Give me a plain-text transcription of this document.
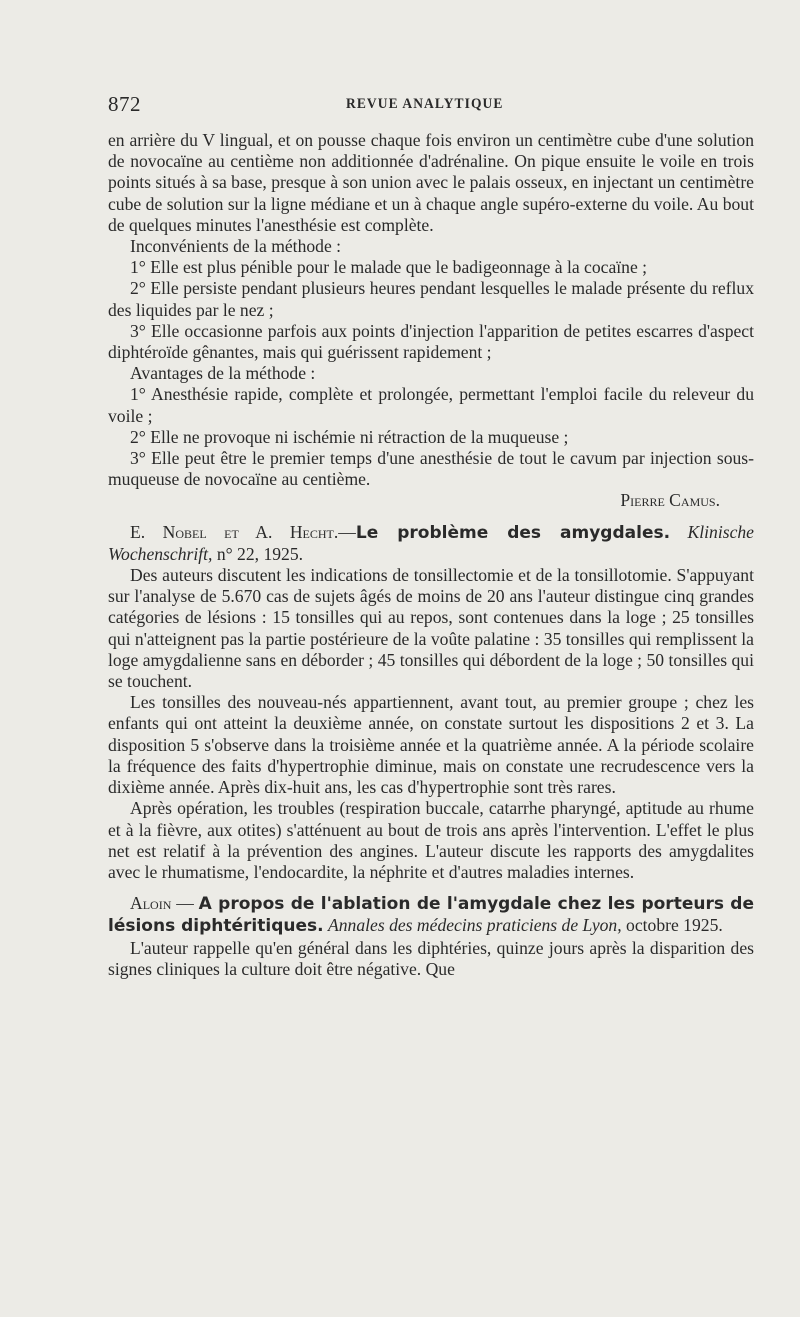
872	REVUE ANALYTIQUE

en arrière du V lingual, et on pousse chaque fois environ un centimètre cube d'une solution de novocaïne au centième non additionnée d'adrénaline. On pique ensuite le voile en trois points situés à sa base, presque à son union avec le palais osseux, en injectant un centimètre cube de solution sur la ligne médiane et un à chaque angle supéro-externe du voile. Au bout de quelques minutes l'anesthésie est complète.

Inconvénients de la méthode :

1° Elle est plus pénible pour le malade que le badigeonnage à la cocaïne ;

2° Elle persiste pendant plusieurs heures pendant lesquelles le malade présente du reflux des liquides par le nez ;

3° Elle occasionne parfois aux points d'injection l'apparition de petites escarres d'aspect diphtéroïde gênantes, mais qui guérissent rapidement ;

Avantages de la méthode :

1° Anesthésie rapide, complète et prolongée, permettant l'emploi facile du releveur du voile ;

2° Elle ne provoque ni ischémie ni rétraction de la muqueuse ;

3° Elle peut être le premier temps d'une anesthésie de tout le cavum par injection sous-muqueuse de novocaïne au centième.

Pierre Camus.

E. Nobel et A. Hecht.—Le problème des amygdales. Klinische Wochenschrift, n° 22, 1925.

Des auteurs discutent les indications de tonsillectomie et de la tonsillotomie. S'appuyant sur l'analyse de 5.670 cas de sujets âgés de moins de 20 ans l'auteur distingue cinq grandes catégories de lésions : 15 tonsilles qui au repos, sont contenues dans la loge ; 25 tonsilles qui n'atteignent pas la partie postérieure de la voûte palatine : 35 tonsilles qui remplissent la loge amygdalienne sans en déborder ; 45 tonsilles qui débordent de la loge ; 50 tonsilles qui se touchent.

Les tonsilles des nouveau-nés appartiennent, avant tout, au premier groupe ; chez les enfants qui ont atteint la deuxième année, on constate surtout les dispositions 2 et 3. La disposition 5 s'observe dans la troisième année et la quatrième année. A la période scolaire la fréquence des faits d'hypertrophie diminue, mais on constate une recrudescence vers la dixième année. Après dix-huit ans, les cas d'hypertrophie sont très rares.

Après opération, les troubles (respiration buccale, catarrhe pharyngé, aptitude au rhume et à la fièvre, aux otites) s'atténuent au bout de trois ans après l'intervention. L'effet le plus net est relatif à la prévention des angines. L'auteur discute les rapports des amygdalites avec le rhumatisme, l'endocardite, la néphrite et d'autres maladies internes.

Aloin — A propos de l'ablation de l'amygdale chez les porteurs de lésions diphtéritiques. Annales des médecins praticiens de Lyon, octobre 1925.

L'auteur rappelle qu'en général dans les diphtéries, quinze jours après la disparition des signes cliniques la culture doit être négative. Que
